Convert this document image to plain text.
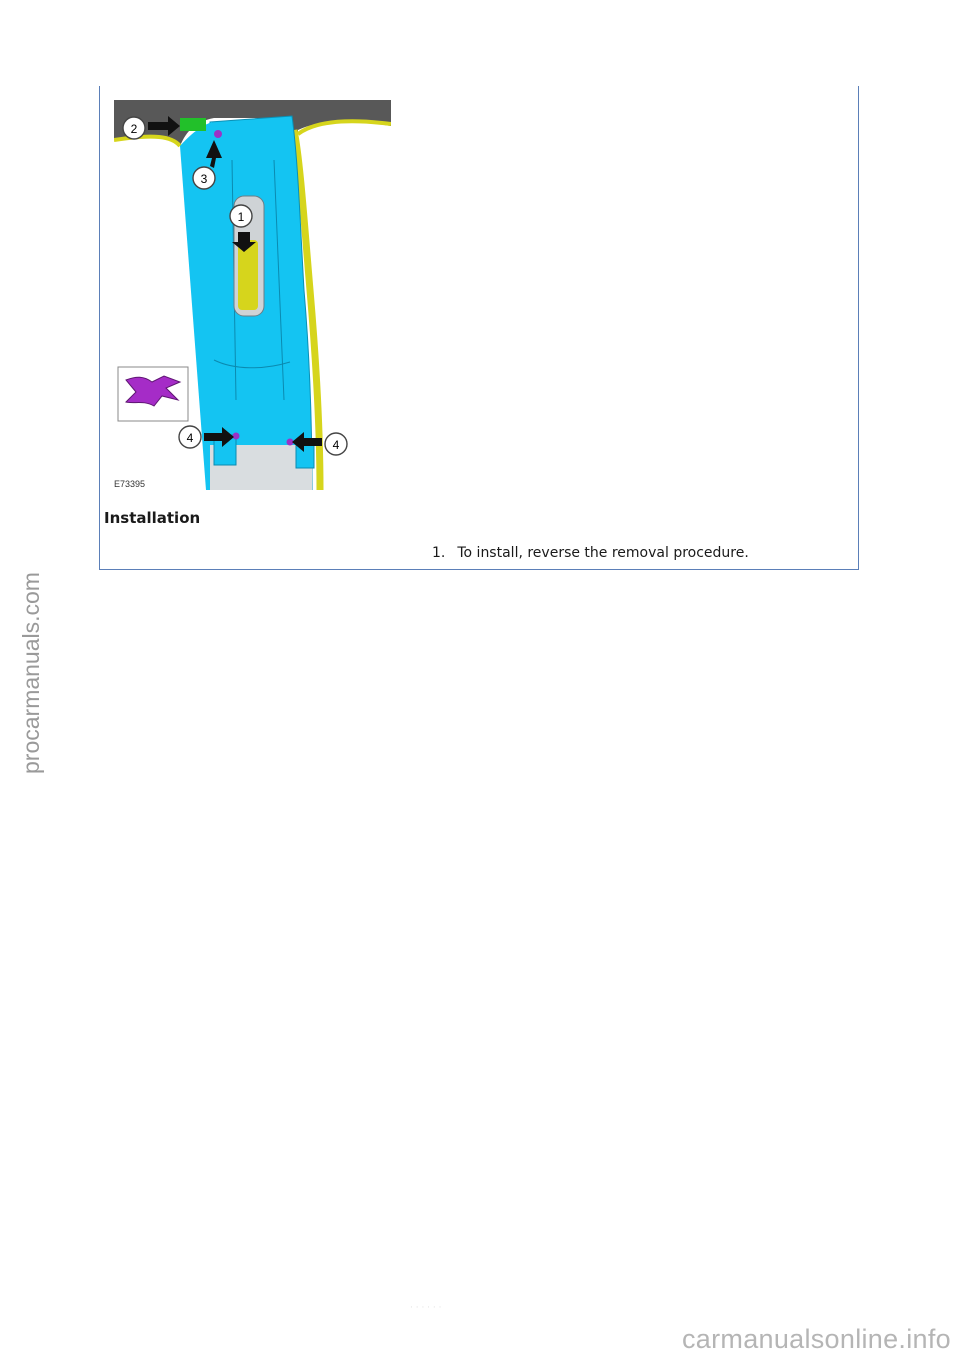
2
3
1
4	4
E73395
Installation
1. To install, reverse the removal procedure.
· · · · · ·
procarmanuals.com
carmanualsonline.info
